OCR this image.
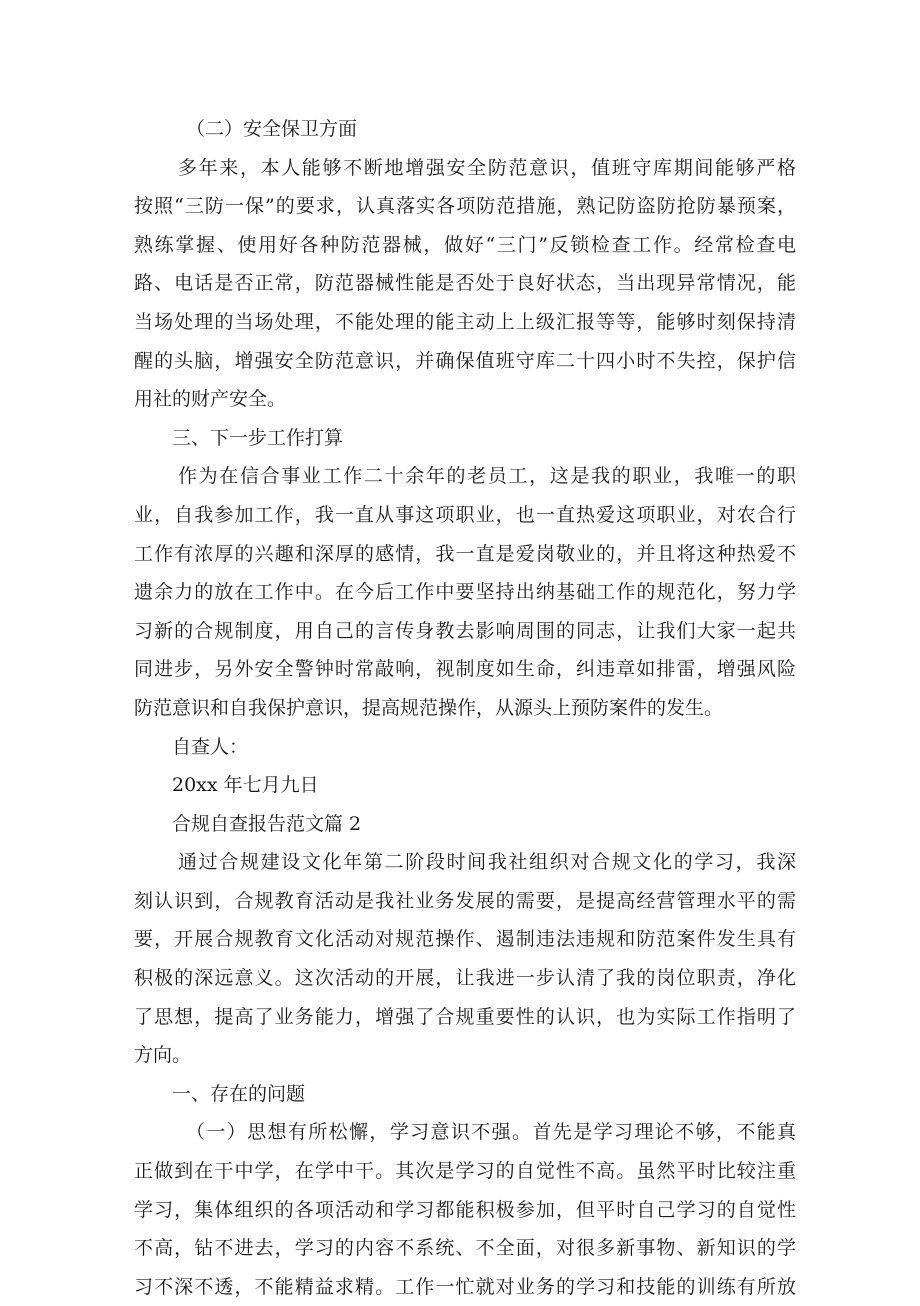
（二）安全保卫方面
多年来，本人能够不断地增强安全防范意识，值班守库期间能够严格
按照“三防一保”的要求，认真落实各项防范措施，熟记防盗防抢防暴预案，
熟练掌握、使用好各种防范器械，做好“三门”反锁检查工作。经常检查电
路、电话是否正常，防范器械性能是否处于良好状态，当出现异常情况，能
当场处理的当场处理，不能处理的能主动上上级汇报等等，能够时刻保持清
醒的头脑，增强安全防范意识，并确保值班守库二十四小时不失控，保护信
用社的财产安全。
三、下一步工作打算
作为在信合事业工作二十余年的老员工，这是我的职业，我唯一的职
业，自我参加工作，我一直从事这项职业，也一直热爱这项职业，对农合行
工作有浓厚的兴趣和深厚的感情，我一直是爱岗敬业的，并且将这种热爱不
遗余力的放在工作中。在今后工作中要坚持出纳基础工作的规范化，努力学
习新的合规制度，用自己的言传身教去影响周围的同志，让我们大家一起共
同进步，另外安全警钟时常敲响，视制度如生命，纠违章如排雷，增强风险
防范意识和自我保护意识，提高规范操作，从源头上预防案件的发生。
自查人：
20xx 年七月九日
合规自查报告范文篇 2
通过合规建设文化年第二阶段时间我社组织对合规文化的学习，我深
刻认识到，合规教育活动是我社业务发展的需要，是提高经营管理水平的需
要，开展合规教育文化活动对规范操作、遏制违法违规和防范案件发生具有
积极的深远意义。这次活动的开展，让我进一步认清了我的岗位职责，净化
了思想，提高了业务能力，增强了合规重要性的认识，也为实际工作指明了
方向。
一、存在的问题
（一）思想有所松懈，学习意识不强。首先是学习理论不够，不能真
正做到在干中学，在学中干。其次是学习的自觉性不高。虽然平时比较注重
学习，集体组织的各项活动和学习都能积极参加，但平时自己学习的自觉性
不高，钻不进去，学习的内容不系统、不全面，对很多新事物、新知识的学
习不深不透，不能精益求精。工作一忙就对业务的学习和技能的训练有所放
